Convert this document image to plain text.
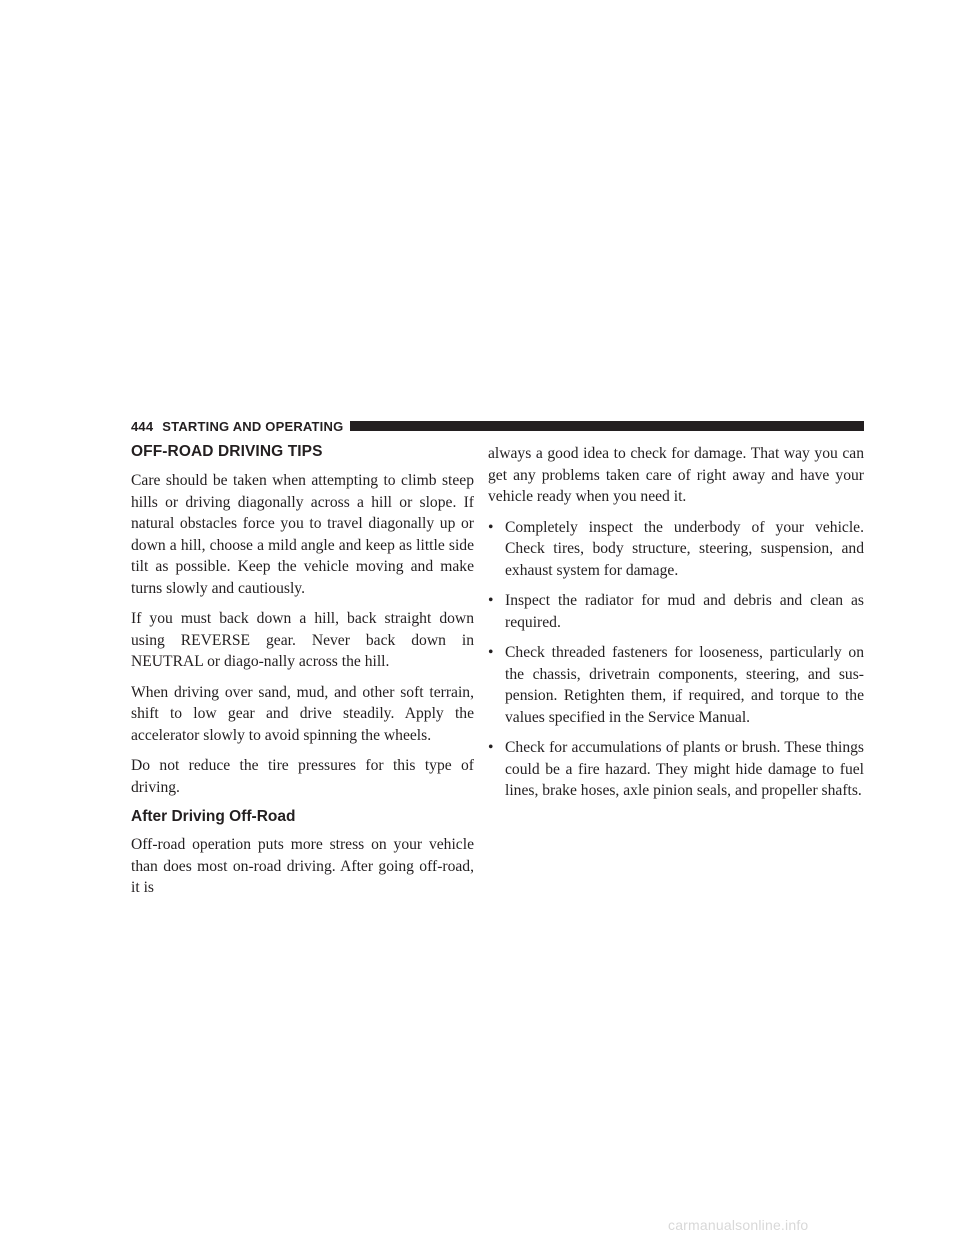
444 STARTING AND OPERATING
OFF-ROAD DRIVING TIPS

Care should be taken when attempting to climb steep hills or driving diagonally across a hill or slope. If natural obstacles force you to travel diagonally up or down a hill, choose a mild angle and keep as little side tilt as possible. Keep the vehicle moving and make turns slowly and cautiously.

If you must back down a hill, back straight down using REVERSE gear. Never back down in NEUTRAL or diago-nally across the hill.

When driving over sand, mud, and other soft terrain, shift to low gear and drive steadily. Apply the accelerator slowly to avoid spinning the wheels.

Do not reduce the tire pressures for this type of driving.

After Driving Off-Road

Off-road operation puts more stress on your vehicle than does most on-road driving. After going off-road, it is

always a good idea to check for damage. That way you can get any problems taken care of right away and have your vehicle ready when you need it.

• Completely inspect the underbody of your vehicle. Check tires, body structure, steering, suspension, and exhaust system for damage.
• Inspect the radiator for mud and debris and clean as required.
• Check threaded fasteners for looseness, particularly on the chassis, drivetrain components, steering, and sus-pension. Retighten them, if required, and torque to the values specified in the Service Manual.
• Check for accumulations of plants or brush. These things could be a fire hazard. They might hide damage to fuel lines, brake hoses, axle pinion seals, and propeller shafts.
carmanualsonline.info
